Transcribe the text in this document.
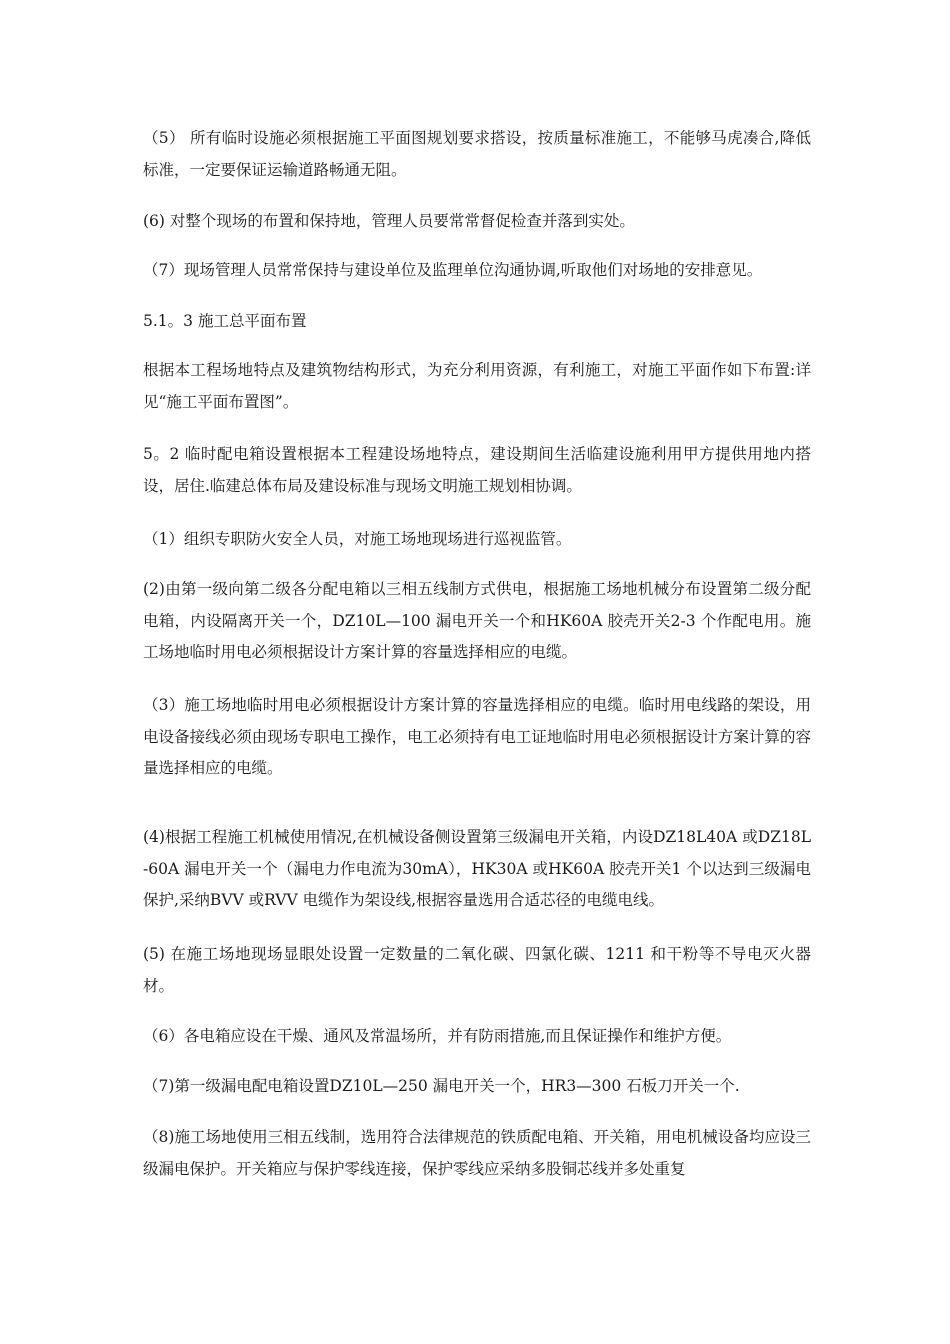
（5） 所有临时设施必须根据施工平面图规划要求搭设，按质量标准施工，不能够马虎凑合,降低标准，一定要保证运输道路畅通无阻。

(6) 对整个现场的布置和保持地，管理人员要常常督促检查并落到实处。

（7）现场管理人员常常保持与建设单位及监理单位沟通协调,听取他们对场地的安排意见。

5.1。3 施工总平面布置

根据本工程场地特点及建筑物结构形式，为充分利用资源，有利施工，对施工平面作如下布置:详见“施工平面布置图”。

5。2 临时配电箱设置根据本工程建设场地特点，建设期间生活临建设施利用甲方提供用地内搭设，居住.临建总体布局及建设标准与现场文明施工规划相协调。

（1）组织专职防火安全人员，对施工场地现场进行巡视监管。

(2)由第一级向第二级各分配电箱以三相五线制方式供电，根据施工场地机械分布设置第二级分配电箱，内设隔离开关一个，DZ10L—100 漏电开关一个和HK60A 胶壳开关2-3 个作配电用。施工场地临时用电必须根据设计方案计算的容量选择相应的电缆。

（3）施工场地临时用电必须根据设计方案计算的容量选择相应的电缆。临时用电线路的架设，用电设备接线必须由现场专职电工操作，电工必须持有电工证地临时用电必须根据设计方案计算的容量选择相应的电缆。

(4)根据工程施工机械使用情况,在机械设备侧设置第三级漏电开关箱，内设DZ18L40A 或DZ18L-60A 漏电开关一个（漏电力作电流为30mA），HK30A 或HK60A 胶壳开关1 个以达到三级漏电保护,采纳BVV 或RVV 电缆作为架设线,根据容量选用合适芯径的电缆电线。

(5) 在施工场地现场显眼处设置一定数量的二氧化碳、四氯化碳、1211 和干粉等不导电灭火器材。

（6）各电箱应设在干燥、通风及常温场所，并有防雨措施,而且保证操作和维护方便。

（7)第一级漏电配电箱设置DZ10L—250 漏电开关一个，HR3—300 石板刀开关一个.

（8)施工场地使用三相五线制，选用符合法律规范的铁质配电箱、开关箱，用电机械设备均应设三级漏电保护。开关箱应与保护零线连接，保护零线应采纳多股铜芯线并多处重复
